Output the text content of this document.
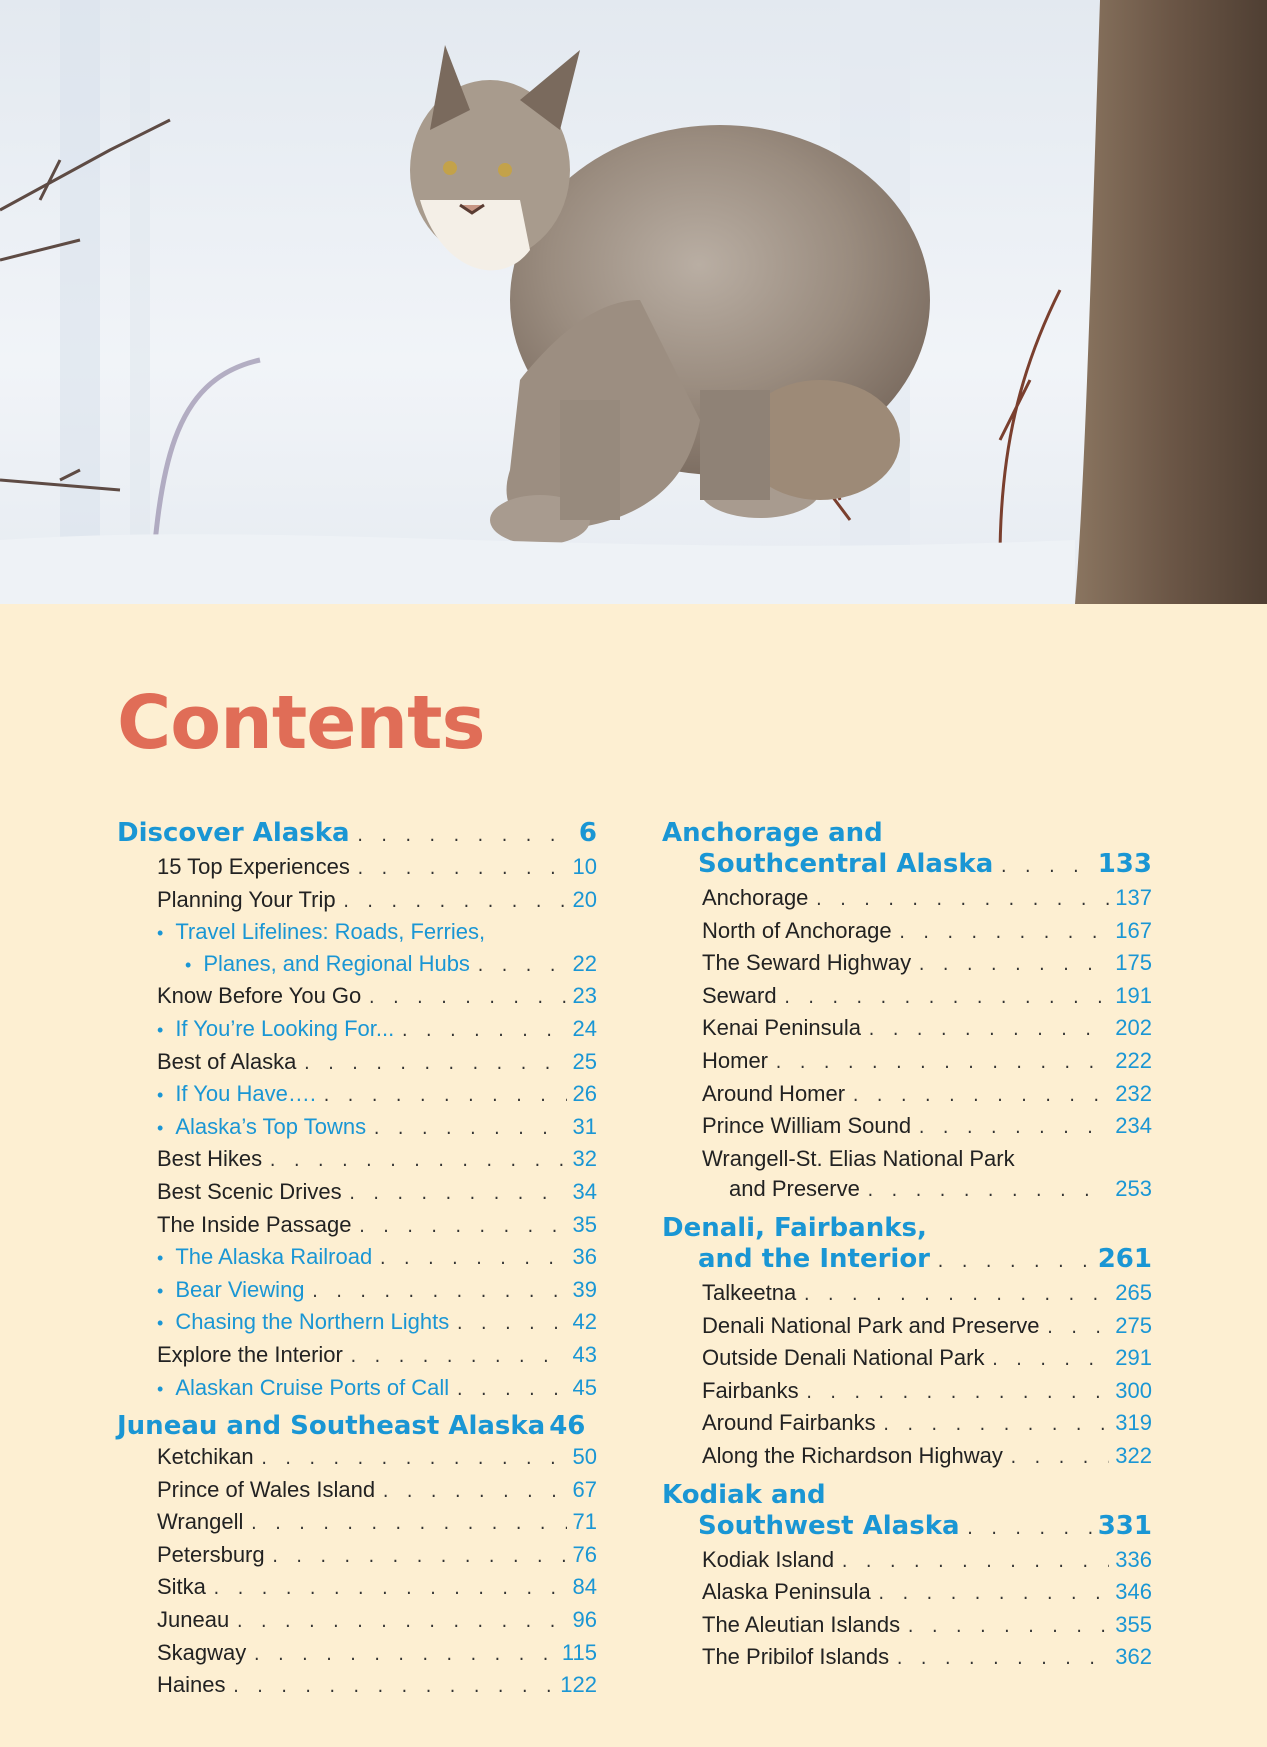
Contents
Discover Alaska . . .	6
15 Top Experiences . . .	10
Planning Your Trip . . .	20
• Travel Lifelines: Roads, Ferries,
• Planes, and Regional Hubs . . .	22
Know Before You Go . . .	23
• If You’re Looking For... . . .	24
Best of Alaska . . .	25
• If You Have…. . . .	26
• Alaska’s Top Towns . . .	31
Best Hikes . . .	32
Best Scenic Drives . . .	34
The Inside Passage . . .	35
• The Alaska Railroad . . .	36
• Bear Viewing . . .	39
• Chasing the Northern Lights . . .	42
Explore the Interior . . .	43
• Alaskan Cruise Ports of Call . . .	45
Juneau and Southeast Alaska 46
Ketchikan . . .	50
Prince of Wales Island . . .	67
Wrangell . . .	71
Petersburg . . .	76
Sitka . . .	84
Juneau . . .	96
Skagway . . .	115
Haines . . .	122
Anchorage and
Southcentral Alaska . . .	133
Anchorage . . .	137
North of Anchorage . . .	167
The Seward Highway . . .	175
Seward . . .	191
Kenai Peninsula . . .	202
Homer . . .	222
Around Homer . . .	232
Prince William Sound . . .	234
Wrangell-St. Elias National Park
and Preserve . . .	253
Denali, Fairbanks,
and the Interior . . .	261
Talkeetna . . .	265
Denali National Park and Preserve . . .	275
Outside Denali National Park . . .	291
Fairbanks . . .	300
Around Fairbanks . . .	319
Along the Richardson Highway . . .	322
Kodiak and
Southwest Alaska . . .	331
Kodiak Island . . .	336
Alaska Peninsula . . .	346
The Aleutian Islands . . .	355
The Pribilof Islands . . .	362
